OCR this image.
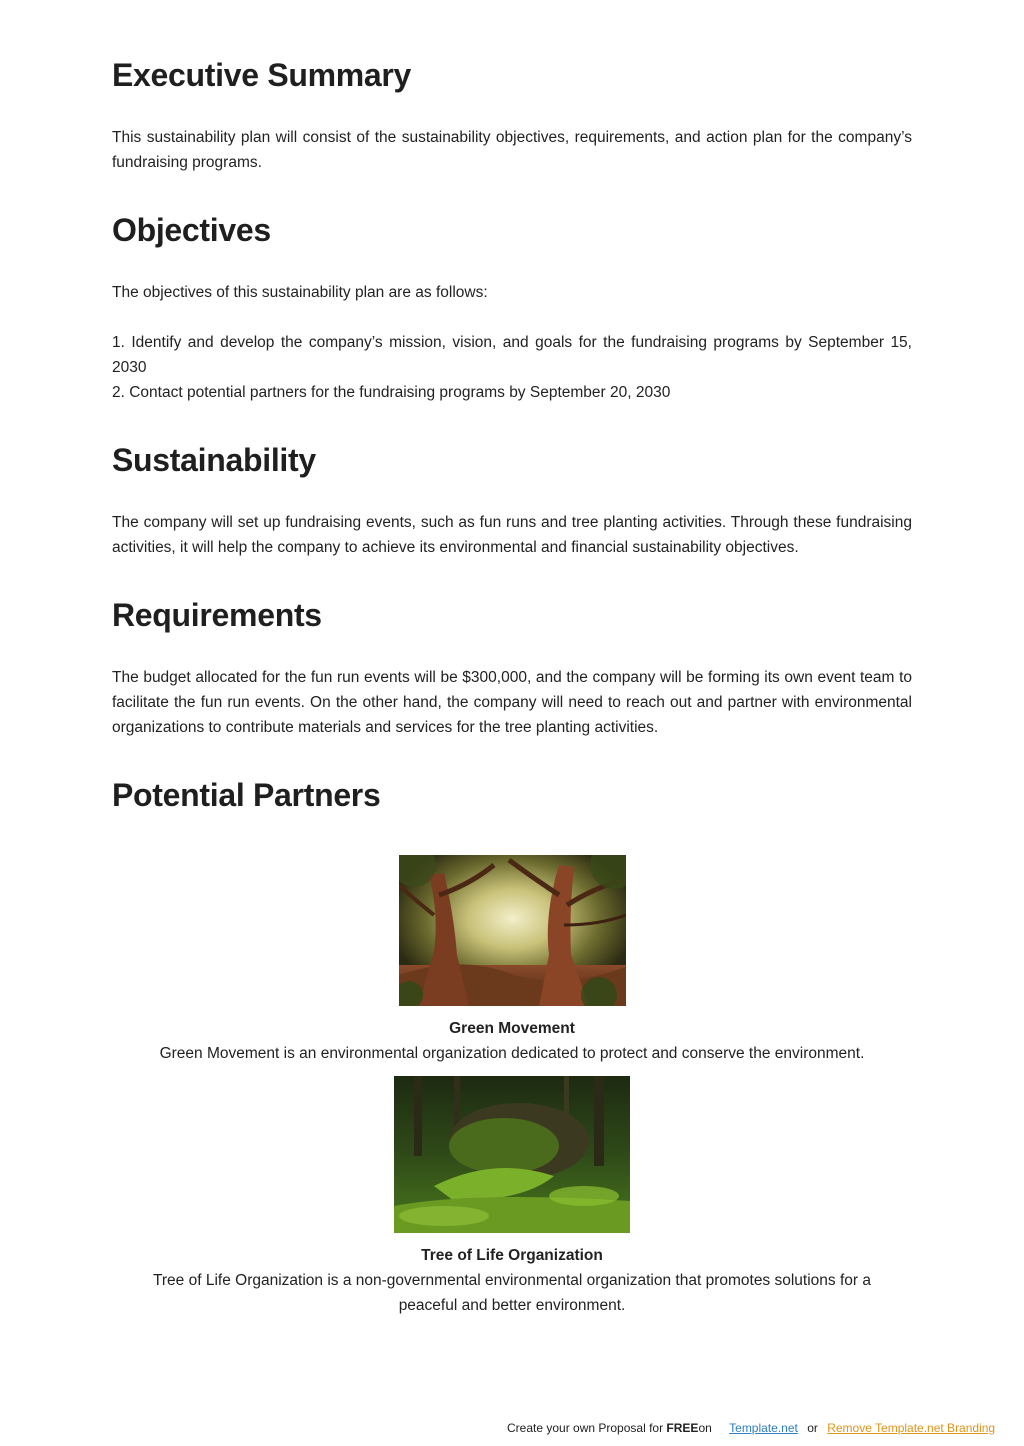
Executive Summary

This sustainability plan will consist of the sustainability objectives, requirements, and action plan for the company’s fundraising programs.

Objectives

The objectives of this sustainability plan are as follows:

1. Identify and develop the company’s mission, vision, and goals for the fundraising programs by September 15, 2030

2. Contact potential partners for the fundraising programs by September 20, 2030

Sustainability

The company will set up fundraising events, such as fun runs and tree planting activities. Through these fundraising activities, it will help the company to achieve its environmental and financial sustainability objectives.

Requirements

The budget allocated for the fun run events will be $300,000, and the company will be forming its own event team to facilitate the fun run events. On the other hand, the company will need to reach out and partner with environmental organizations to contribute materials and services for the tree planting activities.

Potential Partners
Green Movement
Green Movement is an environmental organization dedicated to protect and conserve the environment.
Tree of Life Organization
Tree of Life Organization is a non-governmental environmental organization that promotes solutions for a peaceful and better environment.
Create your own Proposal for FREEon Template.net or Remove Template.net Branding
